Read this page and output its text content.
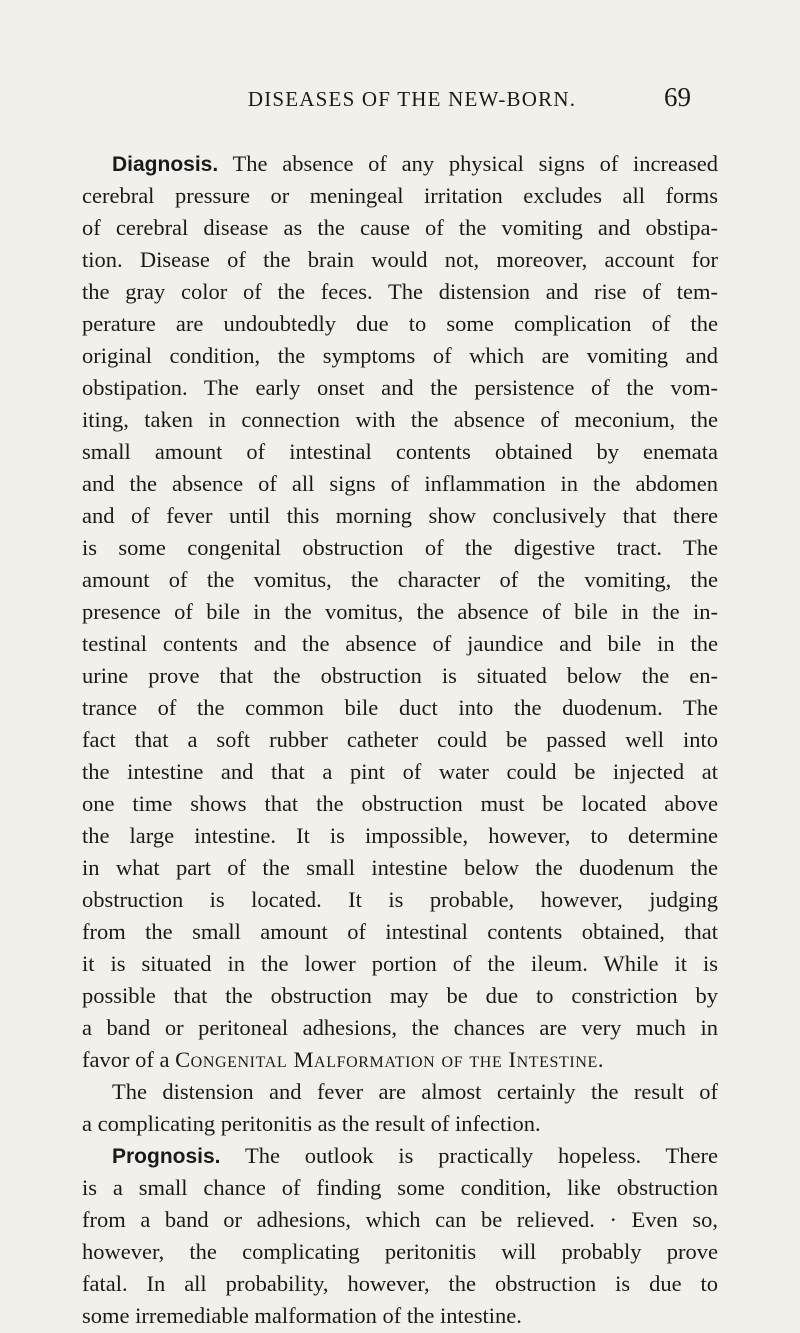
DISEASES OF THE NEW-BORN.	69
Diagnosis. The absence of any physical signs of increased
cerebral pressure or meningeal irritation excludes all forms
of cerebral disease as the cause of the vomiting and obstipa-
tion. Disease of the brain would not, moreover, account for
the gray color of the feces. The distension and rise of tem-
perature are undoubtedly due to some complication of the
original condition, the symptoms of which are vomiting and
obstipation. The early onset and the persistence of the vom-
iting, taken in connection with the absence of meconium, the
small amount of intestinal contents obtained by enemata
and the absence of all signs of inflammation in the abdomen
and of fever until this morning show conclusively that there
is some congenital obstruction of the digestive tract. The
amount of the vomitus, the character of the vomiting, the
presence of bile in the vomitus, the absence of bile in the in-
testinal contents and the absence of jaundice and bile in the
urine prove that the obstruction is situated below the en-
trance of the common bile duct into the duodenum. The
fact that a soft rubber catheter could be passed well into
the intestine and that a pint of water could be injected at
one time shows that the obstruction must be located above
the large intestine. It is impossible, however, to determine
in what part of the small intestine below the duodenum the
obstruction is located. It is probable, however, judging
from the small amount of intestinal contents obtained, that
it is situated in the lower portion of the ileum. While it is
possible that the obstruction may be due to constriction by
a band or peritoneal adhesions, the chances are very much in
favor of a Congenital Malformation of the Intestine.
The distension and fever are almost certainly the result of
a complicating peritonitis as the result of infection.
Prognosis. The outlook is practically hopeless. There
is a small chance of finding some condition, like obstruction
from a band or adhesions, which can be relieved. · Even so,
however, the complicating peritonitis will probably prove
fatal. In all probability, however, the obstruction is due to
some irremediable malformation of the intestine.
